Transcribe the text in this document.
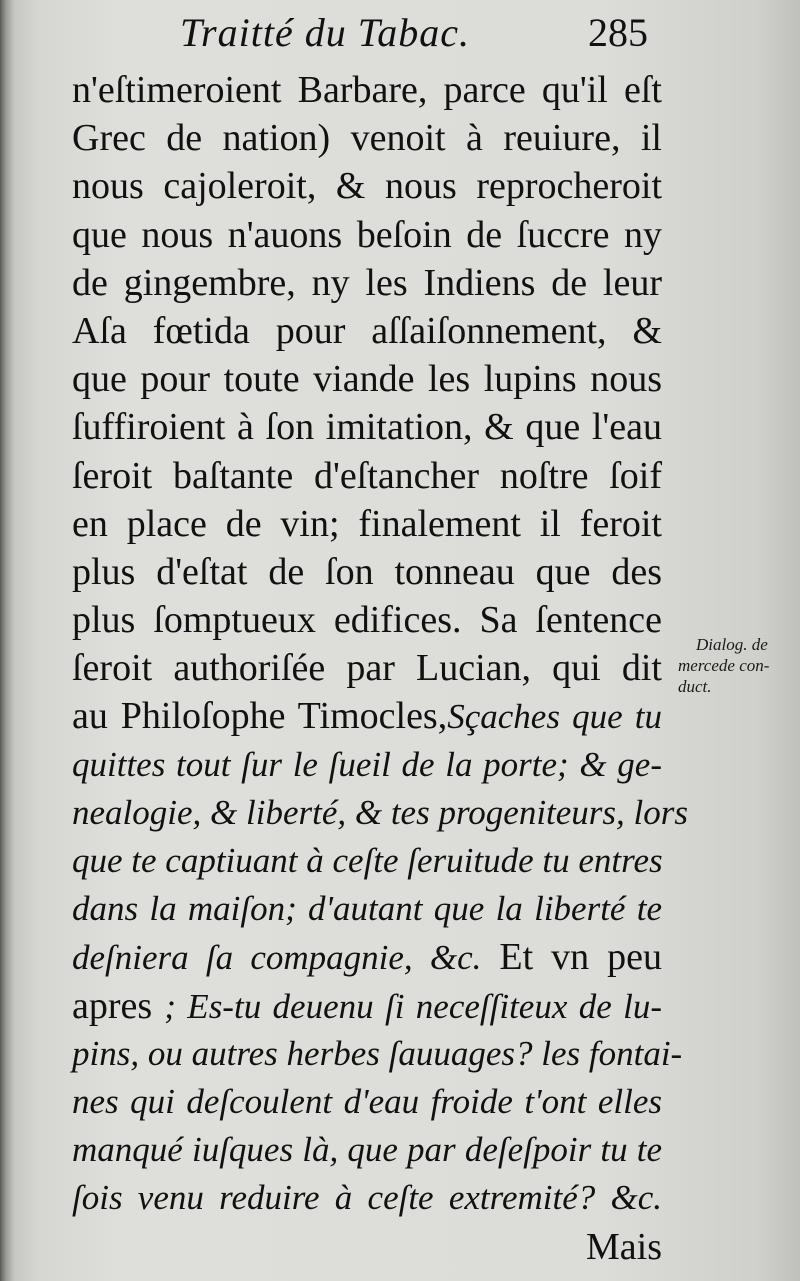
Traitté du Tabac.	285
n'eſtimeroient Barbare, parce qu'il eſt
Grec de nation) venoit à reuiure, il
nous cajoleroit, & nous reprocheroit
que nous n'auons beſoin de ſuccre ny
de gingembre, ny les Indiens de leur
Aſa fœtida pour aſſaiſonnement, &
que pour toute viande les lupins nous
ſuffiroient à ſon imitation, & que l'eau
ſeroit baſtante d'eſtancher noſtre ſoif
en place de vin; finalement il feroit
plus d'eſtat de ſon tonneau que des
plus ſomptueux edifices. Sa ſentence
ſeroit authoriſée par Lucian, qui dit
au Philoſophe Timocles,Sçaches que tu
quittes tout ſur le ſueil de la porte; & ge-
nealogie, & liberté, & tes progeniteurs, lors
que te captiuant à ceſte ſeruitude tu entres
dans la maiſon; d'autant que la liberté te
deſniera ſa compagnie, &c. Et vn peu
apres ; Es-tu deuenu ſi neceſſiteux de lu-
pins, ou autres herbes ſauuages? les fontai-
nes qui deſcoulent d'eau froide t'ont elles
manqué iuſques là, que par deſeſpoir tu te
ſois venu reduire à ceſte extremité? &c.
Mais
Dialog. de
mercede con-
duct.
